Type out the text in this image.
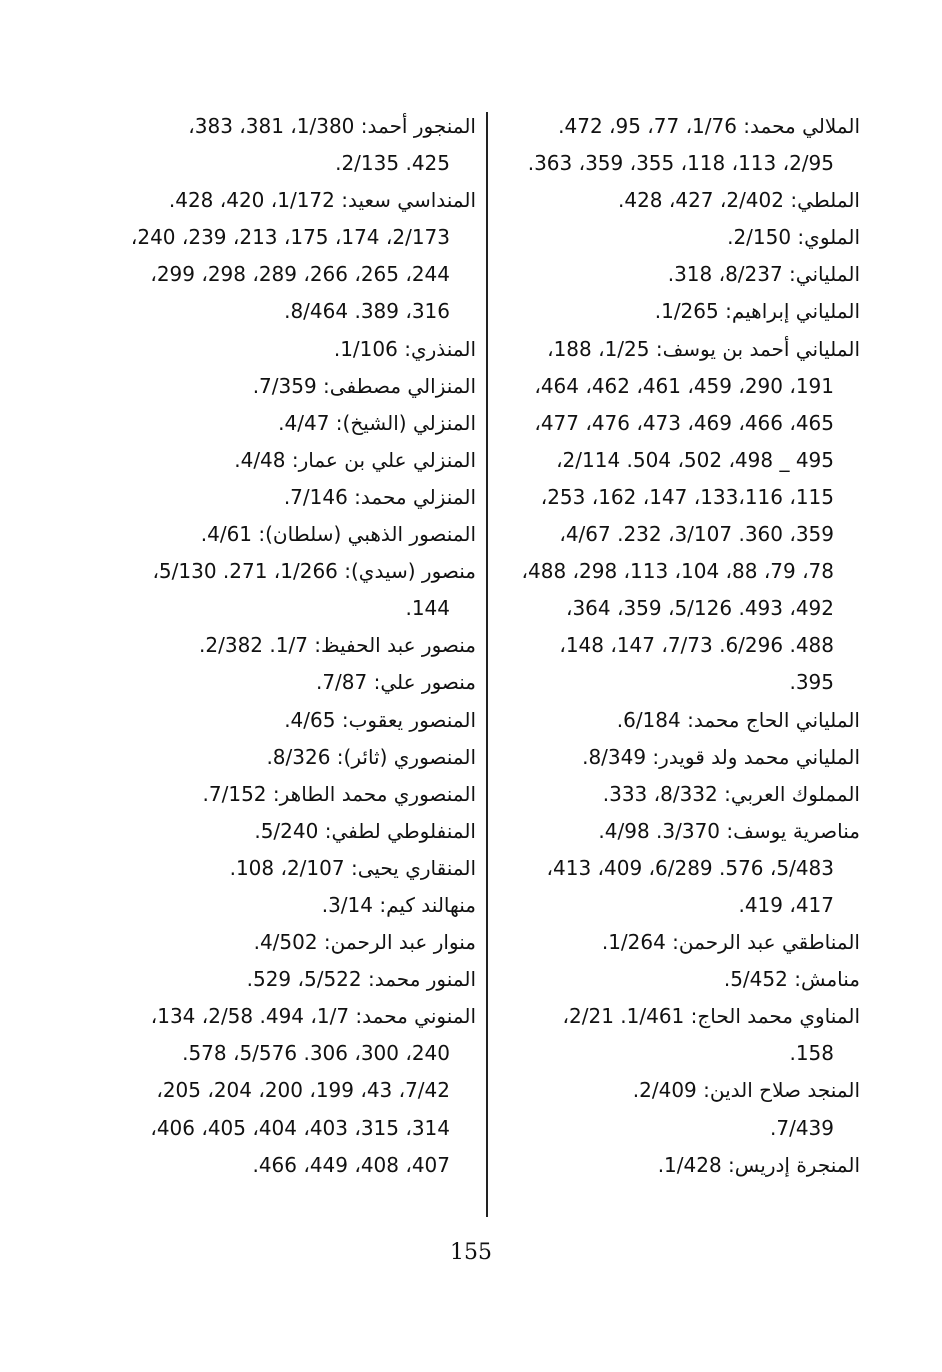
الملالي محمد: 1/76، 77، 95، 472.
2/95، 113، 118، 355، 359، 363.
الملطي: 2/402، 427، 428.
الملوي: 2/150.
الملياني: 8/237، 318.
الملياني إبراهيم: 1/265.
الملياني أحمد بن يوسف: 1/25، 188،
191، 290، 459، 461، 462، 464،
465، 466، 469، 473، 476، 477،
495 _ 498، 502، 504. 2/114،
115، 133،116، 147، 162، 253،
359، 360. 3/107، 232. 4/67،
78، 79، 88، 104، 113، 298، 488،
492، 493. 5/126، 359، 364،
488. 6/296. 7/73، 147، 148،
395.
الملياني الحاج محمد: 6/184.
الملياني محمد ولد قويدر: 8/349.
المملوك العربي: 8/332، 333.
مناصرية يوسف: 3/370. 4/98.
5/483، 576. 6/289، 409، 413،
417، 419.
المناطقي عبد الرحمن: 1/264.
منامش: 5/452.
المناوي محمد الحاج: 1/461. 2/21،
158.
المنجد صلاح الدين: 2/409.
7/439.
المنجرة إدريس: 1/428.
المنجور أحمد: 1/380، 381، 383،
425. 2/135.
المنداسي سعيد: 1/172، 420، 428.
2/173، 174، 175، 213، 239، 240،
244، 265، 266، 289، 298، 299،
316، 389. 8/464.
المنذري: 1/106.
المنزالي مصطفى: 7/359.
المنزلي (الشيخ): 4/47.
المنزلي علي بن عمار: 4/48.
المنزلي محمد: 7/146.
المنصور الذهبي (سلطان): 4/61.
منصور (سيدي): 1/266، 271. 5/130،
144.
منصور عبد الحفيظ: 1/7. 2/382.
منصور علي: 7/87.
المنصور يعقوب: 4/65.
المنصوري (ثائر): 8/326.
المنصوري محمد الطاهر: 7/152.
المنفلوطي لطفي: 5/240.
المنقاري يحيى: 2/107، 108.
منهالند كيم: 3/14.
منوار عبد الرحمن: 4/502.
المنور محمد: 5/522، 529.
المنوني محمد: 1/7، 494. 2/58، 134،
240، 300، 306. 5/576، 578.
7/42، 43، 199، 200، 204، 205،
314، 315، 403، 404، 405، 406،
407، 408، 449، 466.
155
